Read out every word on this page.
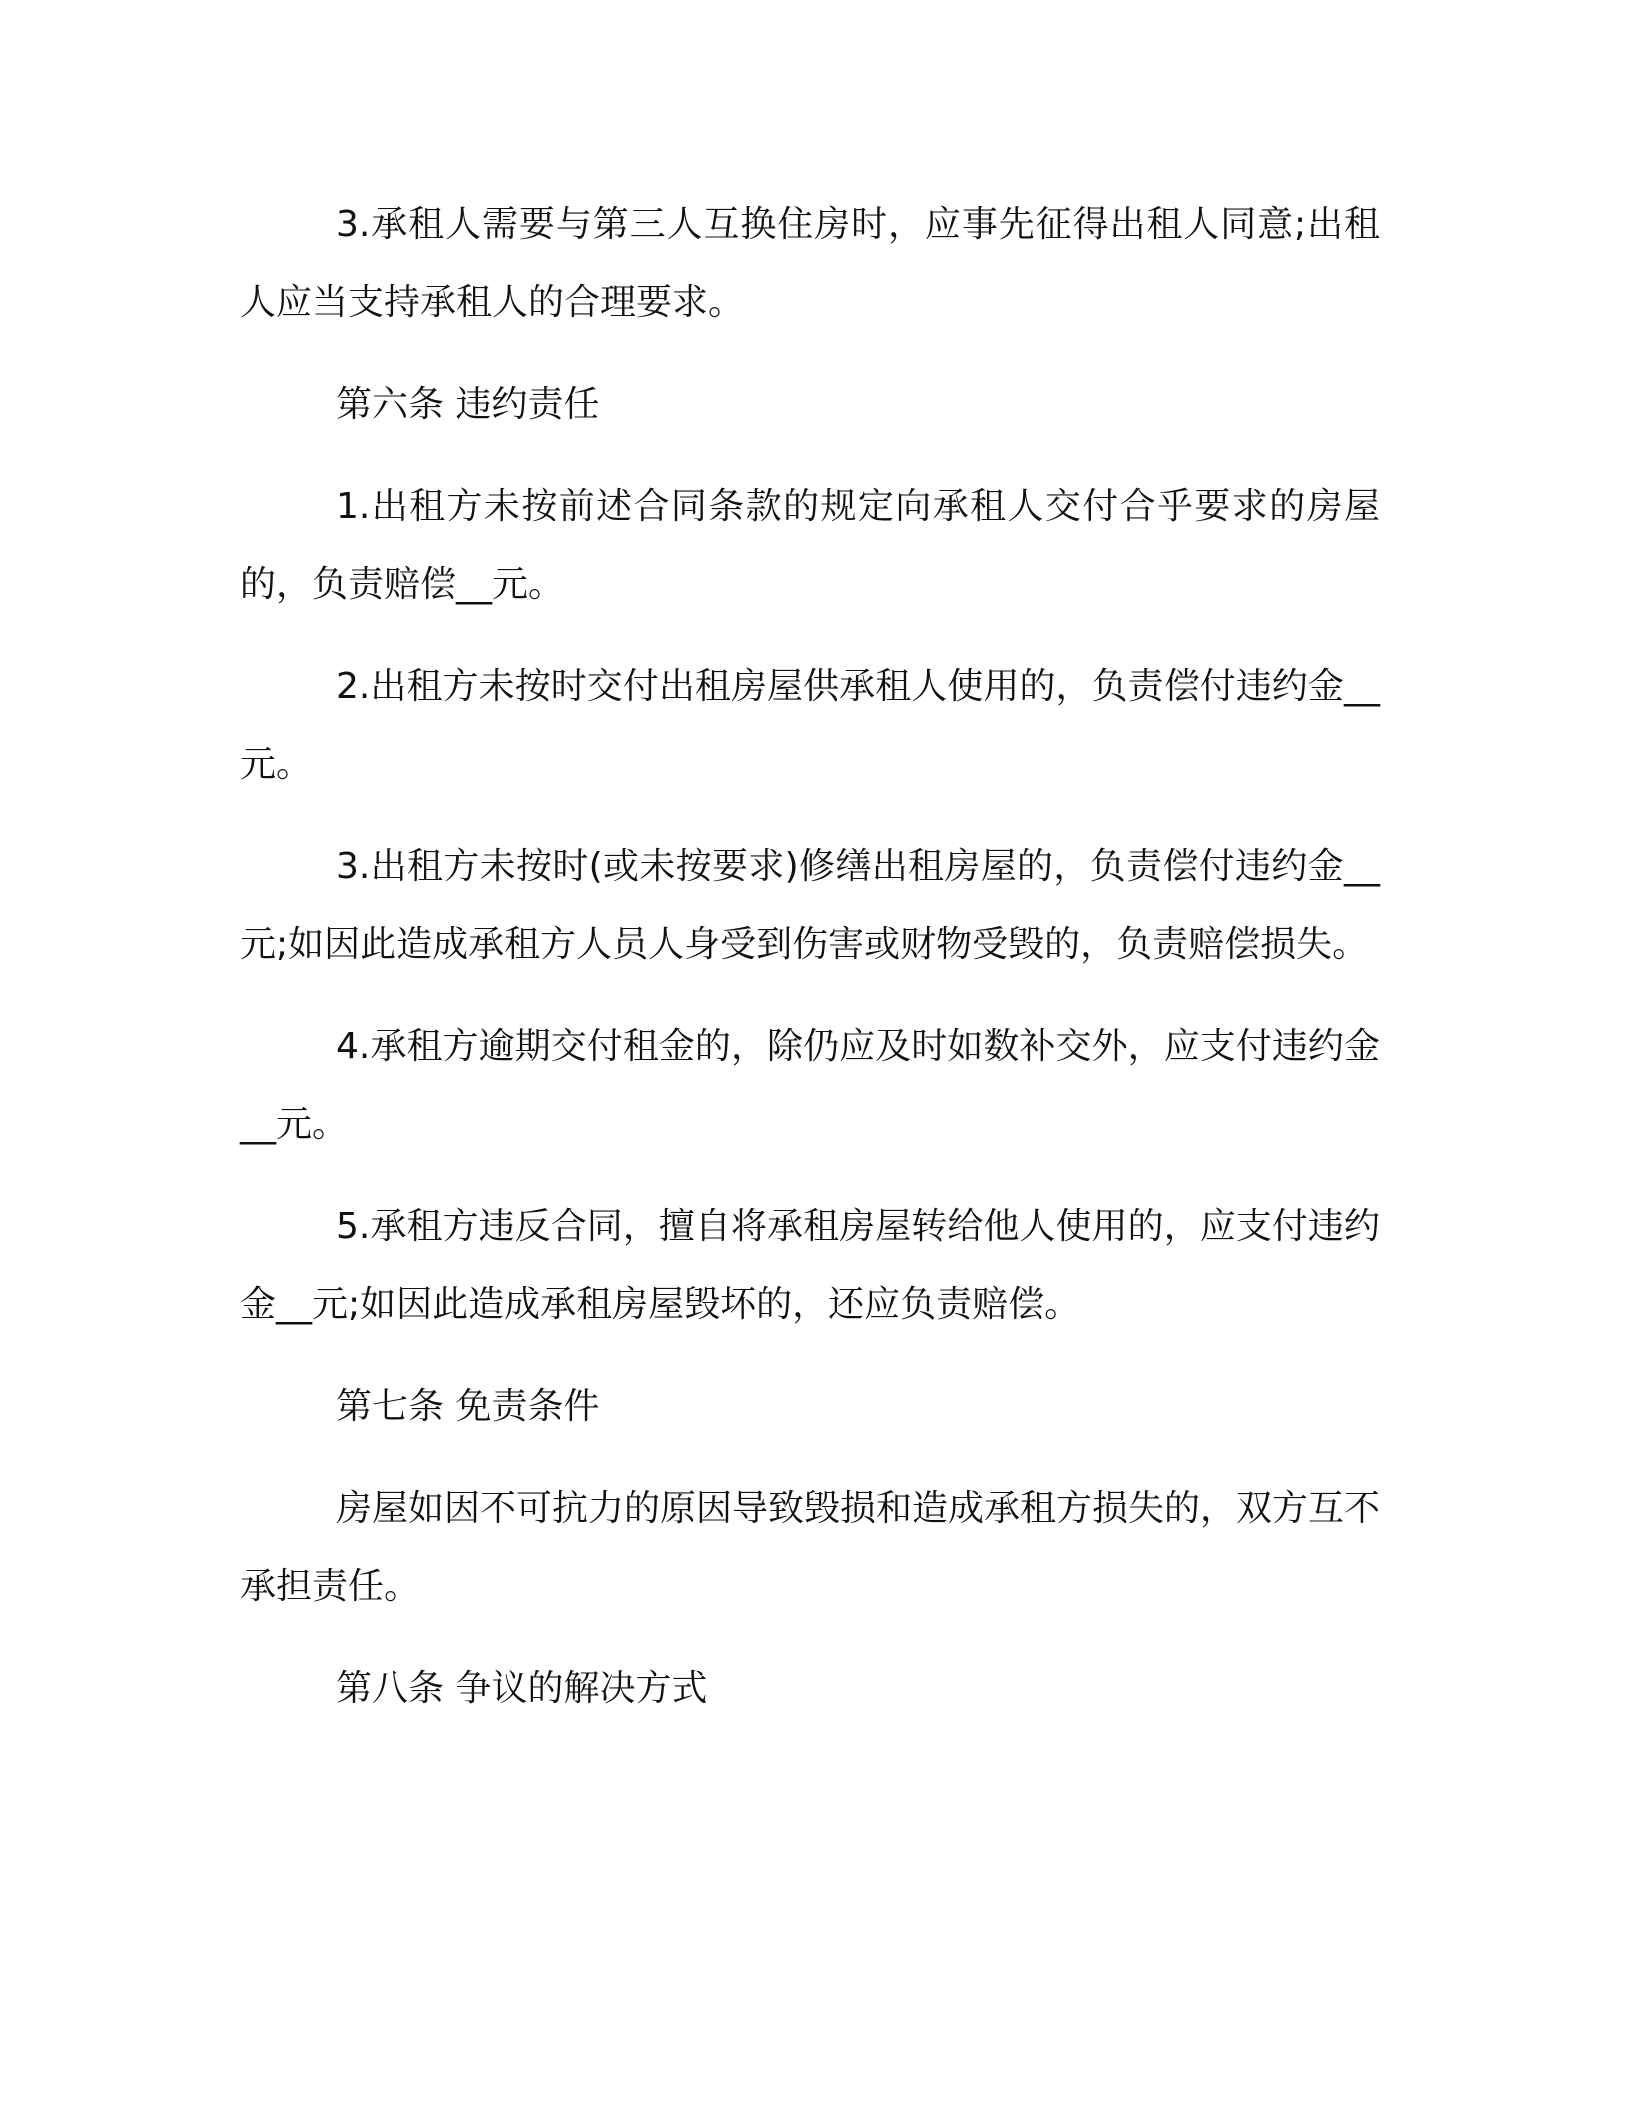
3.承租人需要与第三人互换住房时，应事先征得出租人同意;出租人应当支持承租人的合理要求。

第六条 违约责任

1.出租方未按前述合同条款的规定向承租人交付合乎要求的房屋的，负责赔偿__元。

2.出租方未按时交付出租房屋供承租人使用的，负责偿付违约金__元。

3.出租方未按时(或未按要求)修缮出租房屋的，负责偿付违约金__元;如因此造成承租方人员人身受到伤害或财物受毁的，负责赔偿损失。

4.承租方逾期交付租金的，除仍应及时如数补交外，应支付违约金__元。

5.承租方违反合同，擅自将承租房屋转给他人使用的，应支付违约金__元;如因此造成承租房屋毁坏的，还应负责赔偿。

第七条 免责条件

房屋如因不可抗力的原因导致毁损和造成承租方损失的，双方互不承担责任。

第八条 争议的解决方式
